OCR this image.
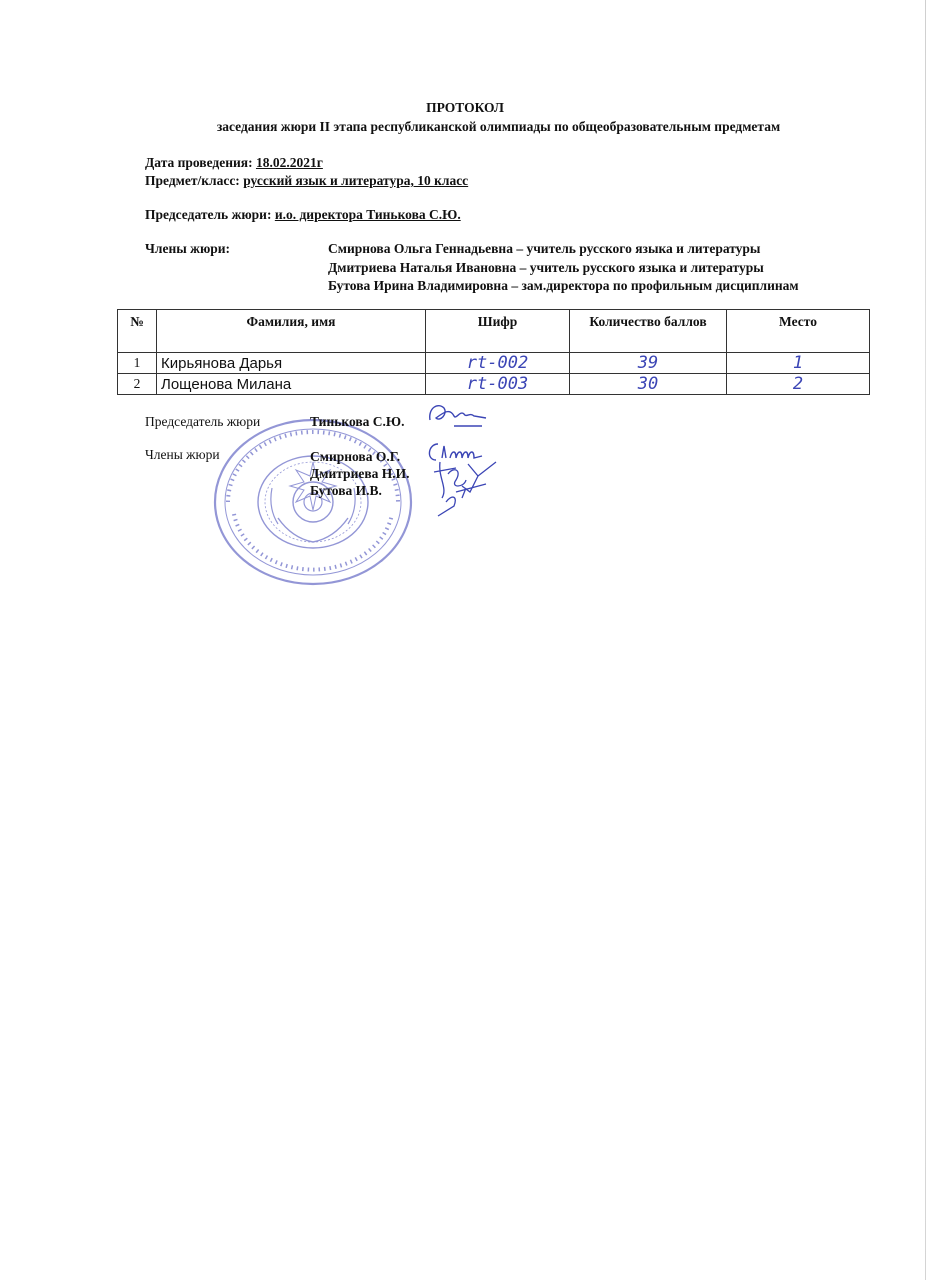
ПРОТОКОЛ
заседания жюри II этапа республиканской олимпиады по общеобразовательным предметам
Дата проведения: 18.02.2021г
Предмет/класс: русский язык и литература, 10 класс
Председатель жюри: и.о. директора Тинькова С.Ю.
Члены жюри:	Смирнова Ольга Геннадьевна – учитель русского языка и литературы
Дмитриева Наталья Ивановна – учитель русского языка и литературы
Бутова Ирина Владимировна – зам.директора по профильным дисциплинам
№	Фамилия, имя	Шифр	Количество баллов	Место
1	Кирьянова Дарья	rt-002	39	1
2	Лощенова Милана	rt-003	30	2
Председатель жюри	Тинькова С.Ю.
Члены жюри	Смирнова О.Г.
Дмитриева Н.И.
Бутова И.В.
